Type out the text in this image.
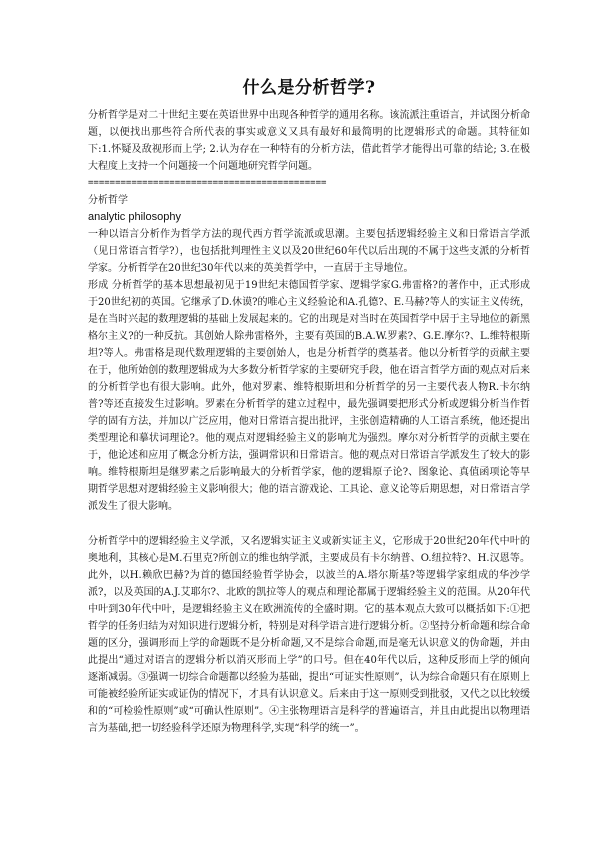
什么是分析哲学?

分析哲学是对二十世纪主要在英语世界中出现各种哲学的通用名称。该流派注重语言，并试图分析命题，以便找出那些符合所代表的事实或意义又具有最好和最简明的比逻辑形式的命题。其特征如下:1.怀疑及敌视形而上学; 2.认为存在一种特有的分析方法，借此哲学才能得出可靠的结论; 3.在极大程度上支持一个问题接一个问题地研究哲学问题。

============================================
分析哲学
analytic philosophy

一种以语言分析作为哲学方法的现代西方哲学流派或思潮。主要包括逻辑经验主义和日常语言学派（见日常语言哲学?），也包括批判理性主义以及20世纪60年代以后出现的不属于这些支派的分析哲学家。分析哲学在20世纪30年代以来的英美哲学中，一直居于主导地位。

形成 分析哲学的基本思想最初见于19世纪末德国哲学家、逻辑学家G.弗雷格?的著作中，正式形成于20世纪初的英国。它继承了D.休谟?的唯心主义经验论和A.孔德?、E.马赫?等人的实证主义传统，是在当时兴起的数理逻辑的基础上发展起来的。它的出现是对当时在英国哲学中居于主导地位的新黑格尔主义?的一种反抗。其创始人除弗雷格外，主要有英国的B.A.W.罗素?、G.E.摩尔?、L.维特根斯坦?等人。弗雷格是现代数理逻辑的主要创始人，也是分析哲学的奠基者。他以分析哲学的贡献主要在于，他所始创的数理逻辑成为大多数分析哲学家的主要研究手段，他在语言哲学方面的观点对后来的分析哲学也有很大影响。此外，他对罗素、维特根斯坦和分析哲学的另一主要代表人物R.卡尔纳普?等还直接发生过影响。罗素在分析哲学的建立过程中，最先强调要把形式分析或逻辑分析当作哲学的固有方法，并加以广泛应用，他对日常语言提出批评，主张创造精确的人工语言系统，他还提出类型理论和摹状词理论?。他的观点对逻辑经验主义的影响尤为强烈。摩尔对分析哲学的贡献主要在于，他论述和应用了概念分析方法，强调常识和日常语言。他的观点对日常语言学派发生了较大的影响。维特根斯坦是继罗素之后影响最大的分析哲学家，他的逻辑原子论?、图象论、真值函项论等早期哲学思想对逻辑经验主义影响很大；他的语言游戏论、工具论、意义论等后期思想，对日常语言学派发生了很大影响。

分析哲学中的逻辑经验主义学派，又名逻辑实证主义或新实证主义，它形成于20世纪20年代中叶的奥地利，其核心是M.石里克?所创立的维也纳学派，主要成员有卡尔纳普、O.纽拉特?、H.汉恩等。此外，以H.赖欣巴赫?为首的德国经验哲学协会，以波兰的A.塔尔斯基?等逻辑学家组成的华沙学派?，以及英国的A.J.艾耶尔?、北欧的凯拉等人的观点和理论都属于逻辑经验主义的范围。从20年代中叶到30年代中叶，是逻辑经验主义在欧洲流传的全盛时期。它的基本观点大致可以概括如下:①把哲学的任务归结为对知识进行逻辑分析，特别是对科学语言进行逻辑分析。②坚持分析命题和综合命题的区分，强调形而上学的命题既不是分析命题,又不是综合命题,而是毫无认识意义的伪命题，并由此提出“通过对语言的逻辑分析以消灭形而上学”的口号。但在40年代以后，这种反形而上学的倾向逐渐减弱。③强调一切综合命题都以经验为基础，提出“可证实性原则”，认为综合命题只有在原则上可能被经验所证实或证伪的情况下，才具有认识意义。后来由于这一原则受到批驳，又代之以比较缓和的“可检验性原则”或“可确认性原则”。④主张物理语言是科学的普遍语言，并且由此提出以物理语言为基础,把一切经验科学还原为物理科学,实现“科学的统一”。
